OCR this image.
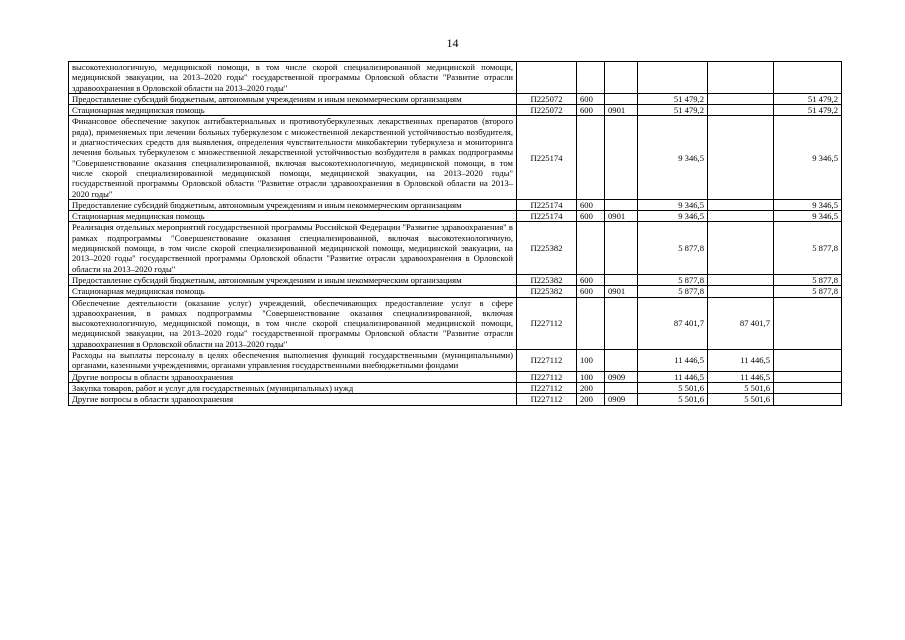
14
высокотехнологичную, медицинской помощи, в том числе скорой специализированной медицинской помощи, медицинской эвакуации, на 2013–2020 годы" государственной программы Орловской области "Развитие отрасли здравоохранения в Орловской области на 2013–2020 годы"						
Предоставление субсидий бюджетным, автономным учреждениям и иным некоммерческим организациям	П225072	600		51 479,2		51 479,2
Стационарная медицинская помощь	П225072	600	0901	51 479,2		51 479,2
Финансовое обеспечение закупок антибактериальных и противотуберкулезных лекарственных препаратов (второго ряда), применяемых при лечении больных туберкулезом с множественной лекарственной устойчивостью возбудителя, и диагностических средств для выявления, определения чувствительности микобактерии туберкулеза и мониторинга лечения больных туберкулезом с множественной лекарственной устойчивостью возбудителя в рамках подпрограммы "Совершенствование оказания специализированной, включая высокотехнологичную, медицинской помощи, в том числе скорой специализированной медицинской помощи, медицинской эвакуации, на 2013–2020 годы" государственной программы Орловской области "Развитие отрасли здравоохранения в Орловской области на 2013–2020 годы"	П225174			9 346,5		9 346,5
Предоставление субсидий бюджетным, автономным учреждениям и иным некоммерческим организациям	П225174	600		9 346,5		9 346,5
Стационарная медицинская помощь	П225174	600	0901	9 346,5		9 346,5
Реализация отдельных мероприятий государственной программы Российской Федерации "Развитие здравоохранения" в рамках подпрограммы "Совершенствование оказания специализированной, включая высокотехнологичную, медицинской помощи, в том числе скорой специализированной медицинской помощи, медицинской эвакуации, на 2013–2020 годы" государственной программы Орловской области "Развитие отрасли здравоохранения в Орловской области на 2013–2020 годы"	П225382			5 877,8		5 877,8
Предоставление субсидий бюджетным, автономным учреждениям и иным некоммерческим организациям	П225382	600		5 877,8		5 877,8
Стационарная медицинская помощь	П225382	600	0901	5 877,8		5 877,8
Обеспечение деятельности (оказание услуг) учреждений, обеспечивающих предоставление услуг в сфере здравоохранения, в рамках подпрограммы "Совершенствование оказания специализированной, включая высокотехнологичную, медицинской помощи, в том числе скорой специализированной медицинской помощи, медицинской эвакуации, на 2013–2020 годы" государственной программы Орловской области "Развитие отрасли здравоохранения в Орловской области на 2013–2020 годы"	П227112			87 401,7	87 401,7	
Расходы на выплаты персоналу в целях обеспечения выполнения функций государственными (муниципальными) органами, казенными учреждениями, органами управления государственными внебюджетными фондами	П227112	100		11 446,5	11 446,5	
Другие вопросы в области здравоохранения	П227112	100	0909	11 446,5	11 446,5	
Закупка товаров, работ и услуг для государственных (муниципальных) нужд	П227112	200		5 501,6	5 501,6	
Другие вопросы в области здравоохранения	П227112	200	0909	5 501,6	5 501,6	
